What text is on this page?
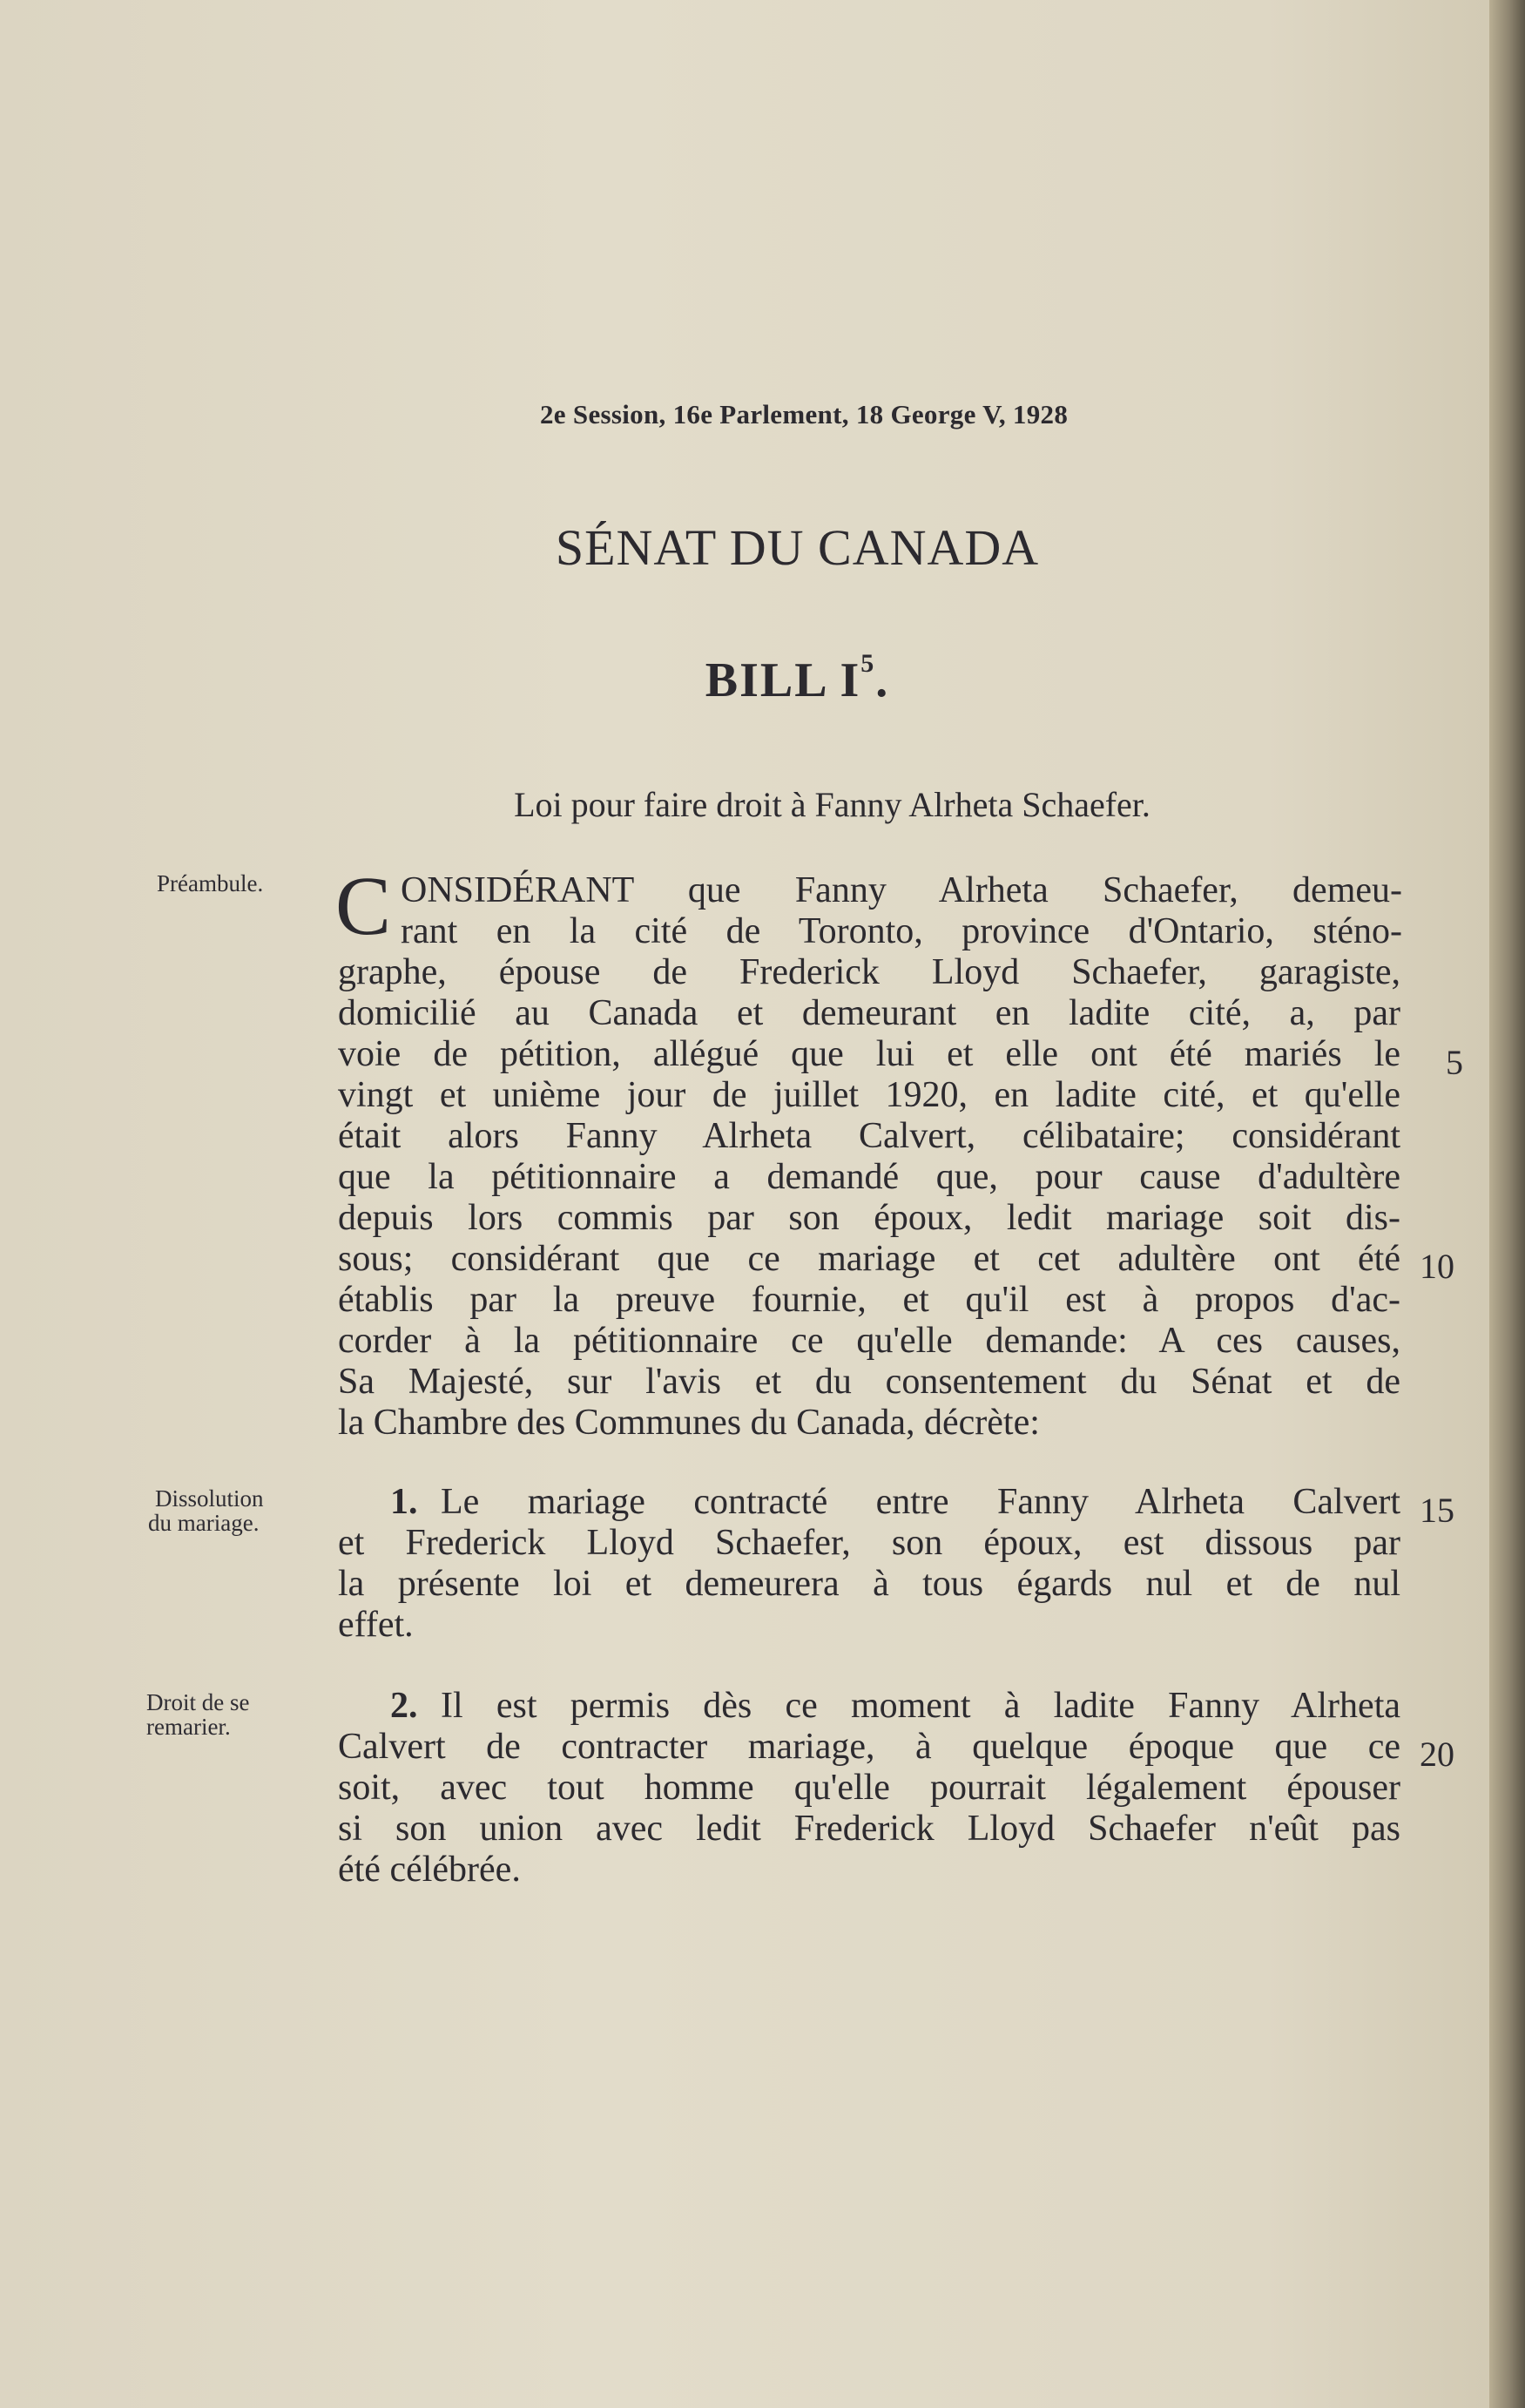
2e Session, 16e Parlement, 18 George V, 1928
SÉNAT DU CANADA
BILL $I^5$.
Loi pour faire droit à Fanny Alrheta Schaefer.
Préambule.
Dissolution
du mariage.
Droit de se
remarier.
C ONSIDÉRANT que Fanny Alrheta Schaefer, demeu-
rant en la cité de Toronto, province d'Ontario, sténo-
graphe, épouse de Frederick Lloyd Schaefer, garagiste,
domicilié au Canada et demeurant en ladite cité, a, par
voie de pétition, allégué que lui et elle ont été mariés le
vingt et unième jour de juillet 1920, en ladite cité, et qu'elle
était alors Fanny Alrheta Calvert, célibataire; considérant
que la pétitionnaire a demandé que, pour cause d'adultère
depuis lors commis par son époux, ledit mariage soit dis-
sous; considérant que ce mariage et cet adultère ont été
établis par la preuve fournie, et qu'il est à propos d'ac-
corder à la pétitionnaire ce qu'elle demande: A ces causes,
Sa Majesté, sur l'avis et du consentement du Sénat et de
la Chambre des Communes du Canada, décrète:
1. Le mariage contracté entre Fanny Alrheta Calvert
et Frederick Lloyd Schaefer, son époux, est dissous par
la présente loi et demeurera à tous égards nul et de nul
effet.
2. Il est permis dès ce moment à ladite Fanny Alrheta
Calvert de contracter mariage, à quelque époque que ce
soit, avec tout homme qu'elle pourrait légalement épouser
si son union avec ledit Frederick Lloyd Schaefer n'eût pas
été célébrée.
5
10
15
20
